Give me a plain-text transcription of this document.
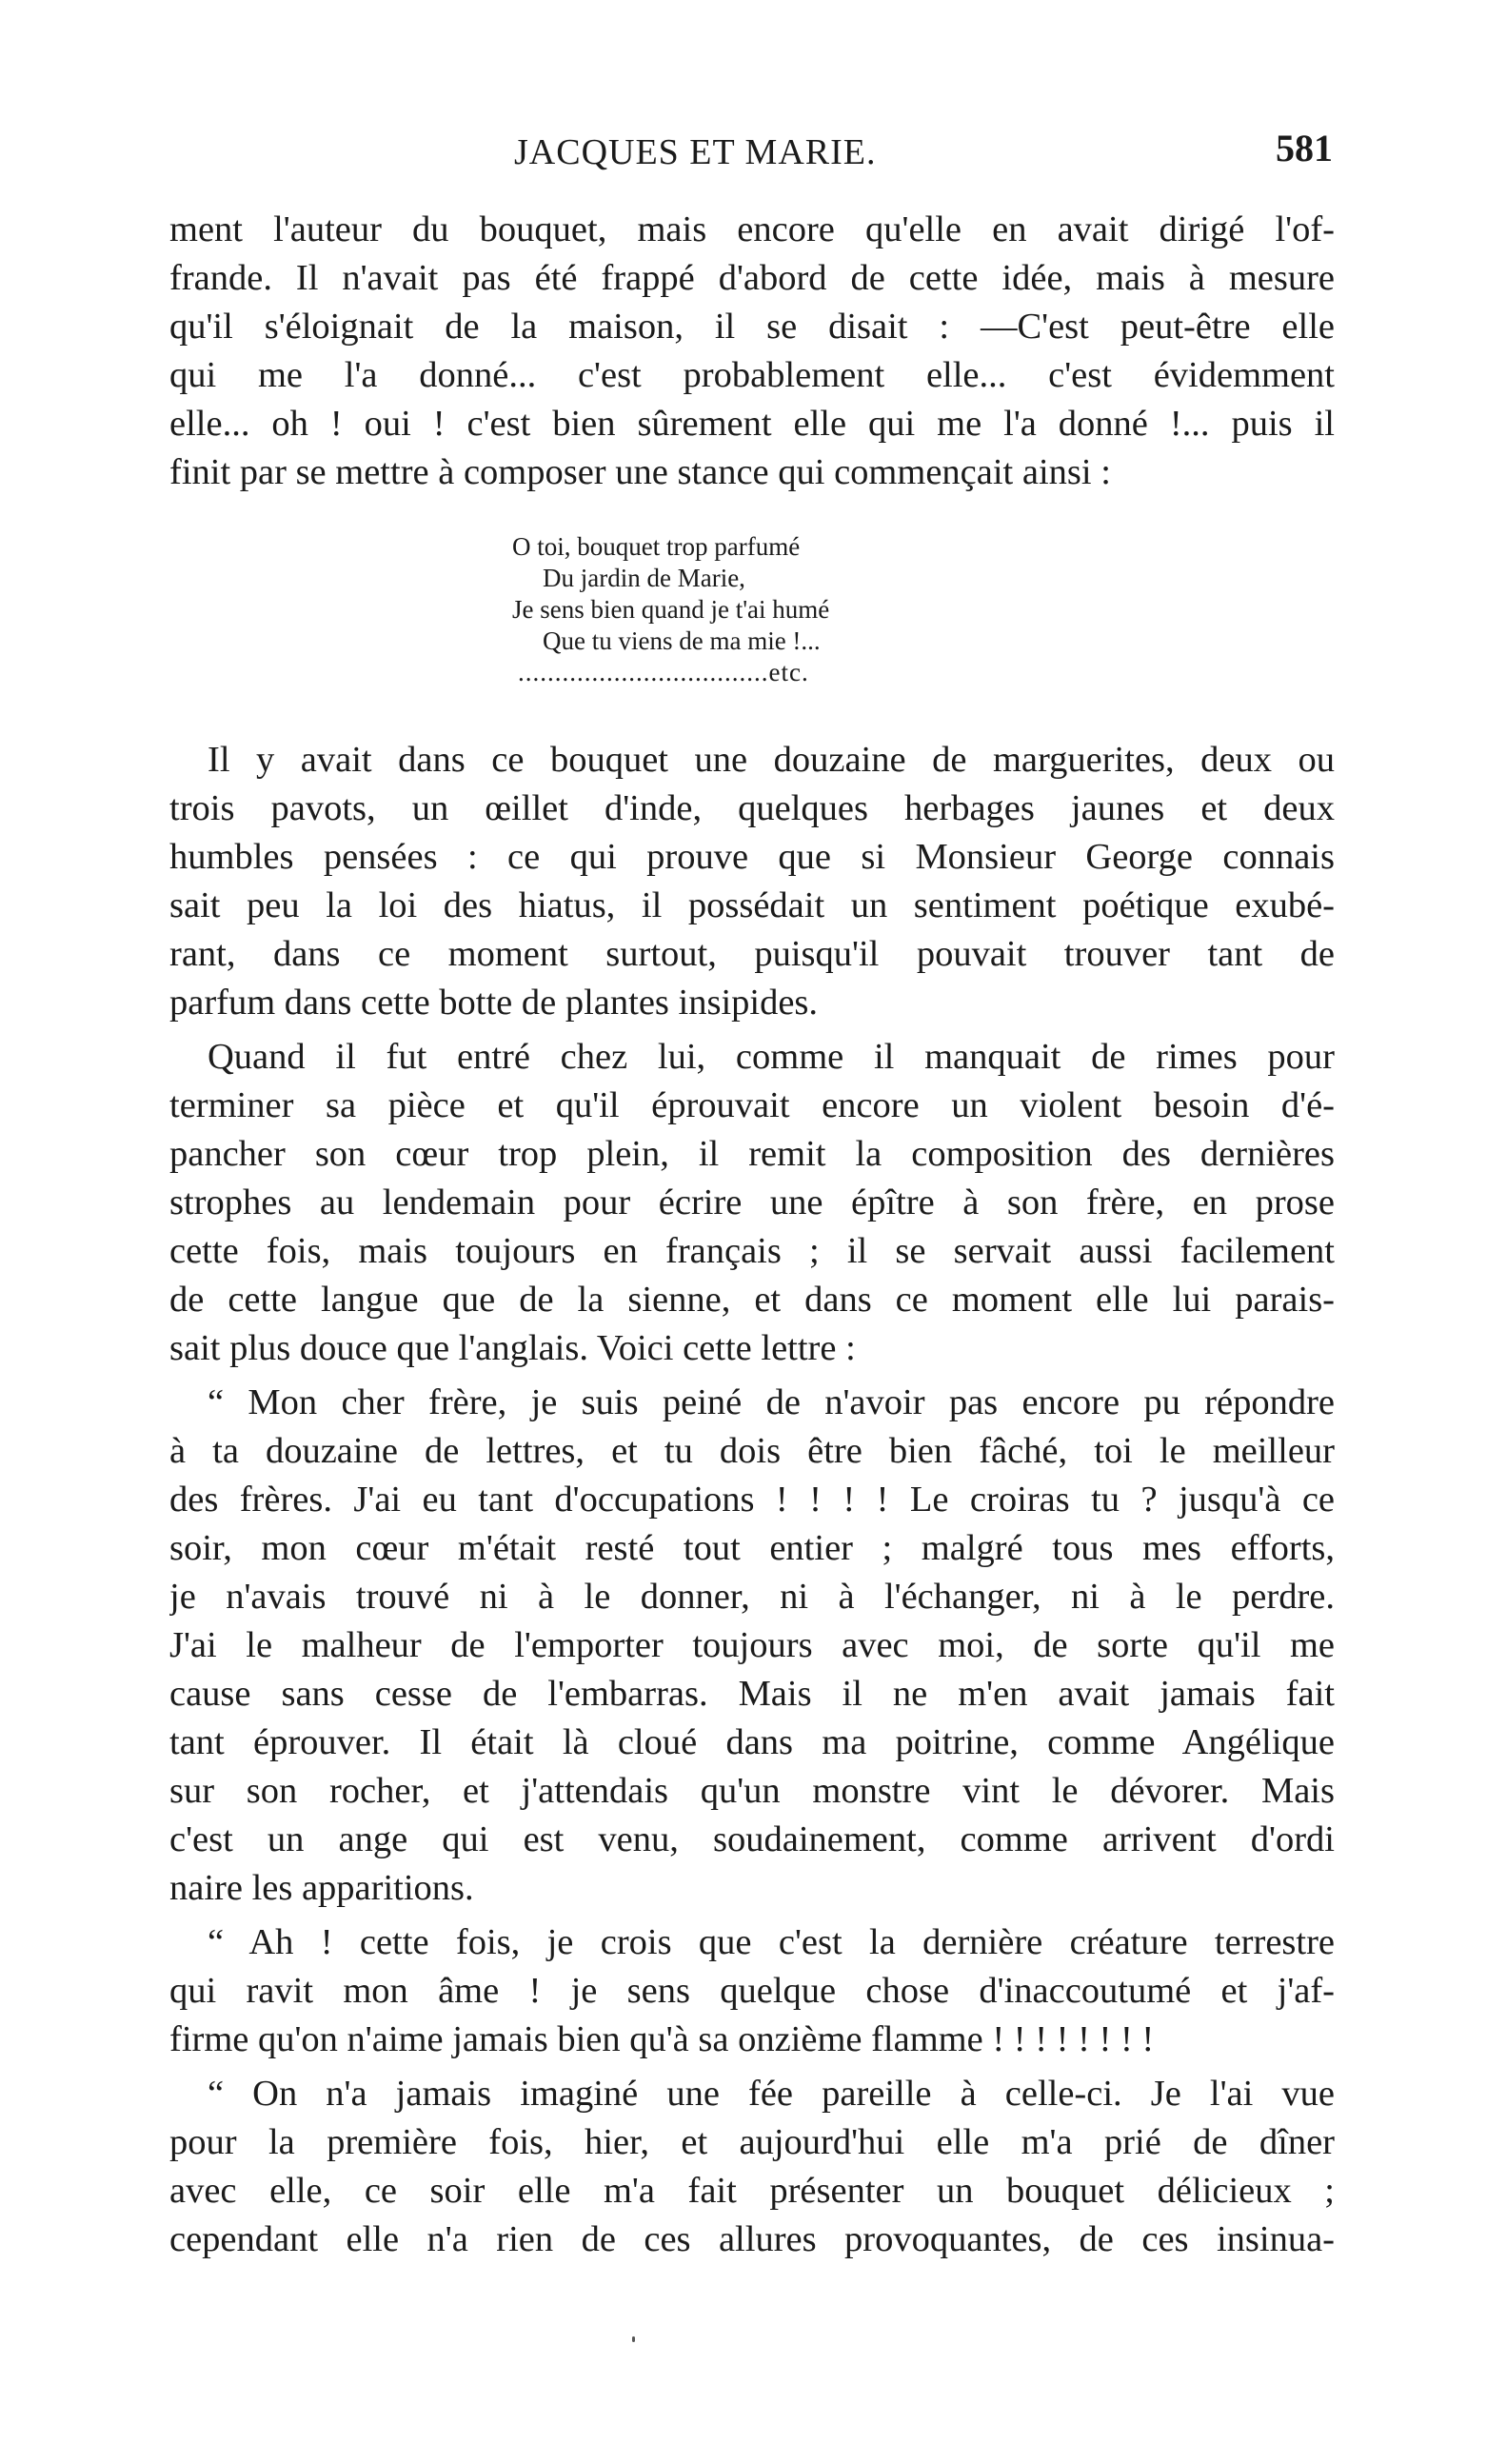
JACQUES ET MARIE.	581
ment l'auteur du bouquet, mais encore qu'elle en avait dirigé l'of-
frande. Il n'avait pas été frappé d'abord de cette idée, mais à mesure
qu'il s'éloignait de la maison, il se disait : —C'est peut-être elle
qui me l'a donné... c'est probablement elle... c'est évidemment
elle... oh ! oui ! c'est bien sûrement elle qui me l'a donné !... puis il
finit par se mettre à composer une stance qui commençait ainsi :
O toi, bouquet trop parfumé
Du jardin de Marie,
Je sens bien quand je t'ai humé
Que tu viens de ma mie !...
..................................etc.
Il y avait dans ce bouquet une douzaine de marguerites, deux ou
trois pavots, un œillet d'inde, quelques herbages jaunes et deux
humbles pensées : ce qui prouve que si Monsieur George connais
sait peu la loi des hiatus, il possédait un sentiment poétique exubé-
rant, dans ce moment surtout, puisqu'il pouvait trouver tant de
parfum dans cette botte de plantes insipides.
Quand il fut entré chez lui, comme il manquait de rimes pour
terminer sa pièce et qu'il éprouvait encore un violent besoin d'é-
pancher son cœur trop plein, il remit la composition des dernières
strophes au lendemain pour écrire une épître à son frère, en prose
cette fois, mais toujours en français ; il se servait aussi facilement
de cette langue que de la sienne, et dans ce moment elle lui parais-
sait plus douce que l'anglais. Voici cette lettre :
“ Mon cher frère, je suis peiné de n'avoir pas encore pu répondre
à ta douzaine de lettres, et tu dois être bien fâché, toi le meilleur
des frères. J'ai eu tant d'occupations ! ! ! ! Le croiras tu ? jusqu'à ce
soir, mon cœur m'était resté tout entier ; malgré tous mes efforts,
je n'avais trouvé ni à le donner, ni à l'échanger, ni à le perdre.
J'ai le malheur de l'emporter toujours avec moi, de sorte qu'il me
cause sans cesse de l'embarras. Mais il ne m'en avait jamais fait
tant éprouver. Il était là cloué dans ma poitrine, comme Angélique
sur son rocher, et j'attendais qu'un monstre vint le dévorer. Mais
c'est un ange qui est venu, soudainement, comme arrivent d'ordi
naire les apparitions.
“ Ah ! cette fois, je crois que c'est la dernière créature terrestre
qui ravit mon âme ! je sens quelque chose d'inaccoutumé et j'af-
firme qu'on n'aime jamais bien qu'à sa onzième flamme ! ! ! ! ! ! ! !
“ On n'a jamais imaginé une fée pareille à celle-ci. Je l'ai vue
pour la première fois, hier, et aujourd'hui elle m'a prié de dîner
avec elle, ce soir elle m'a fait présenter un bouquet délicieux ;
cependant elle n'a rien de ces allures provoquantes, de ces insinua-
